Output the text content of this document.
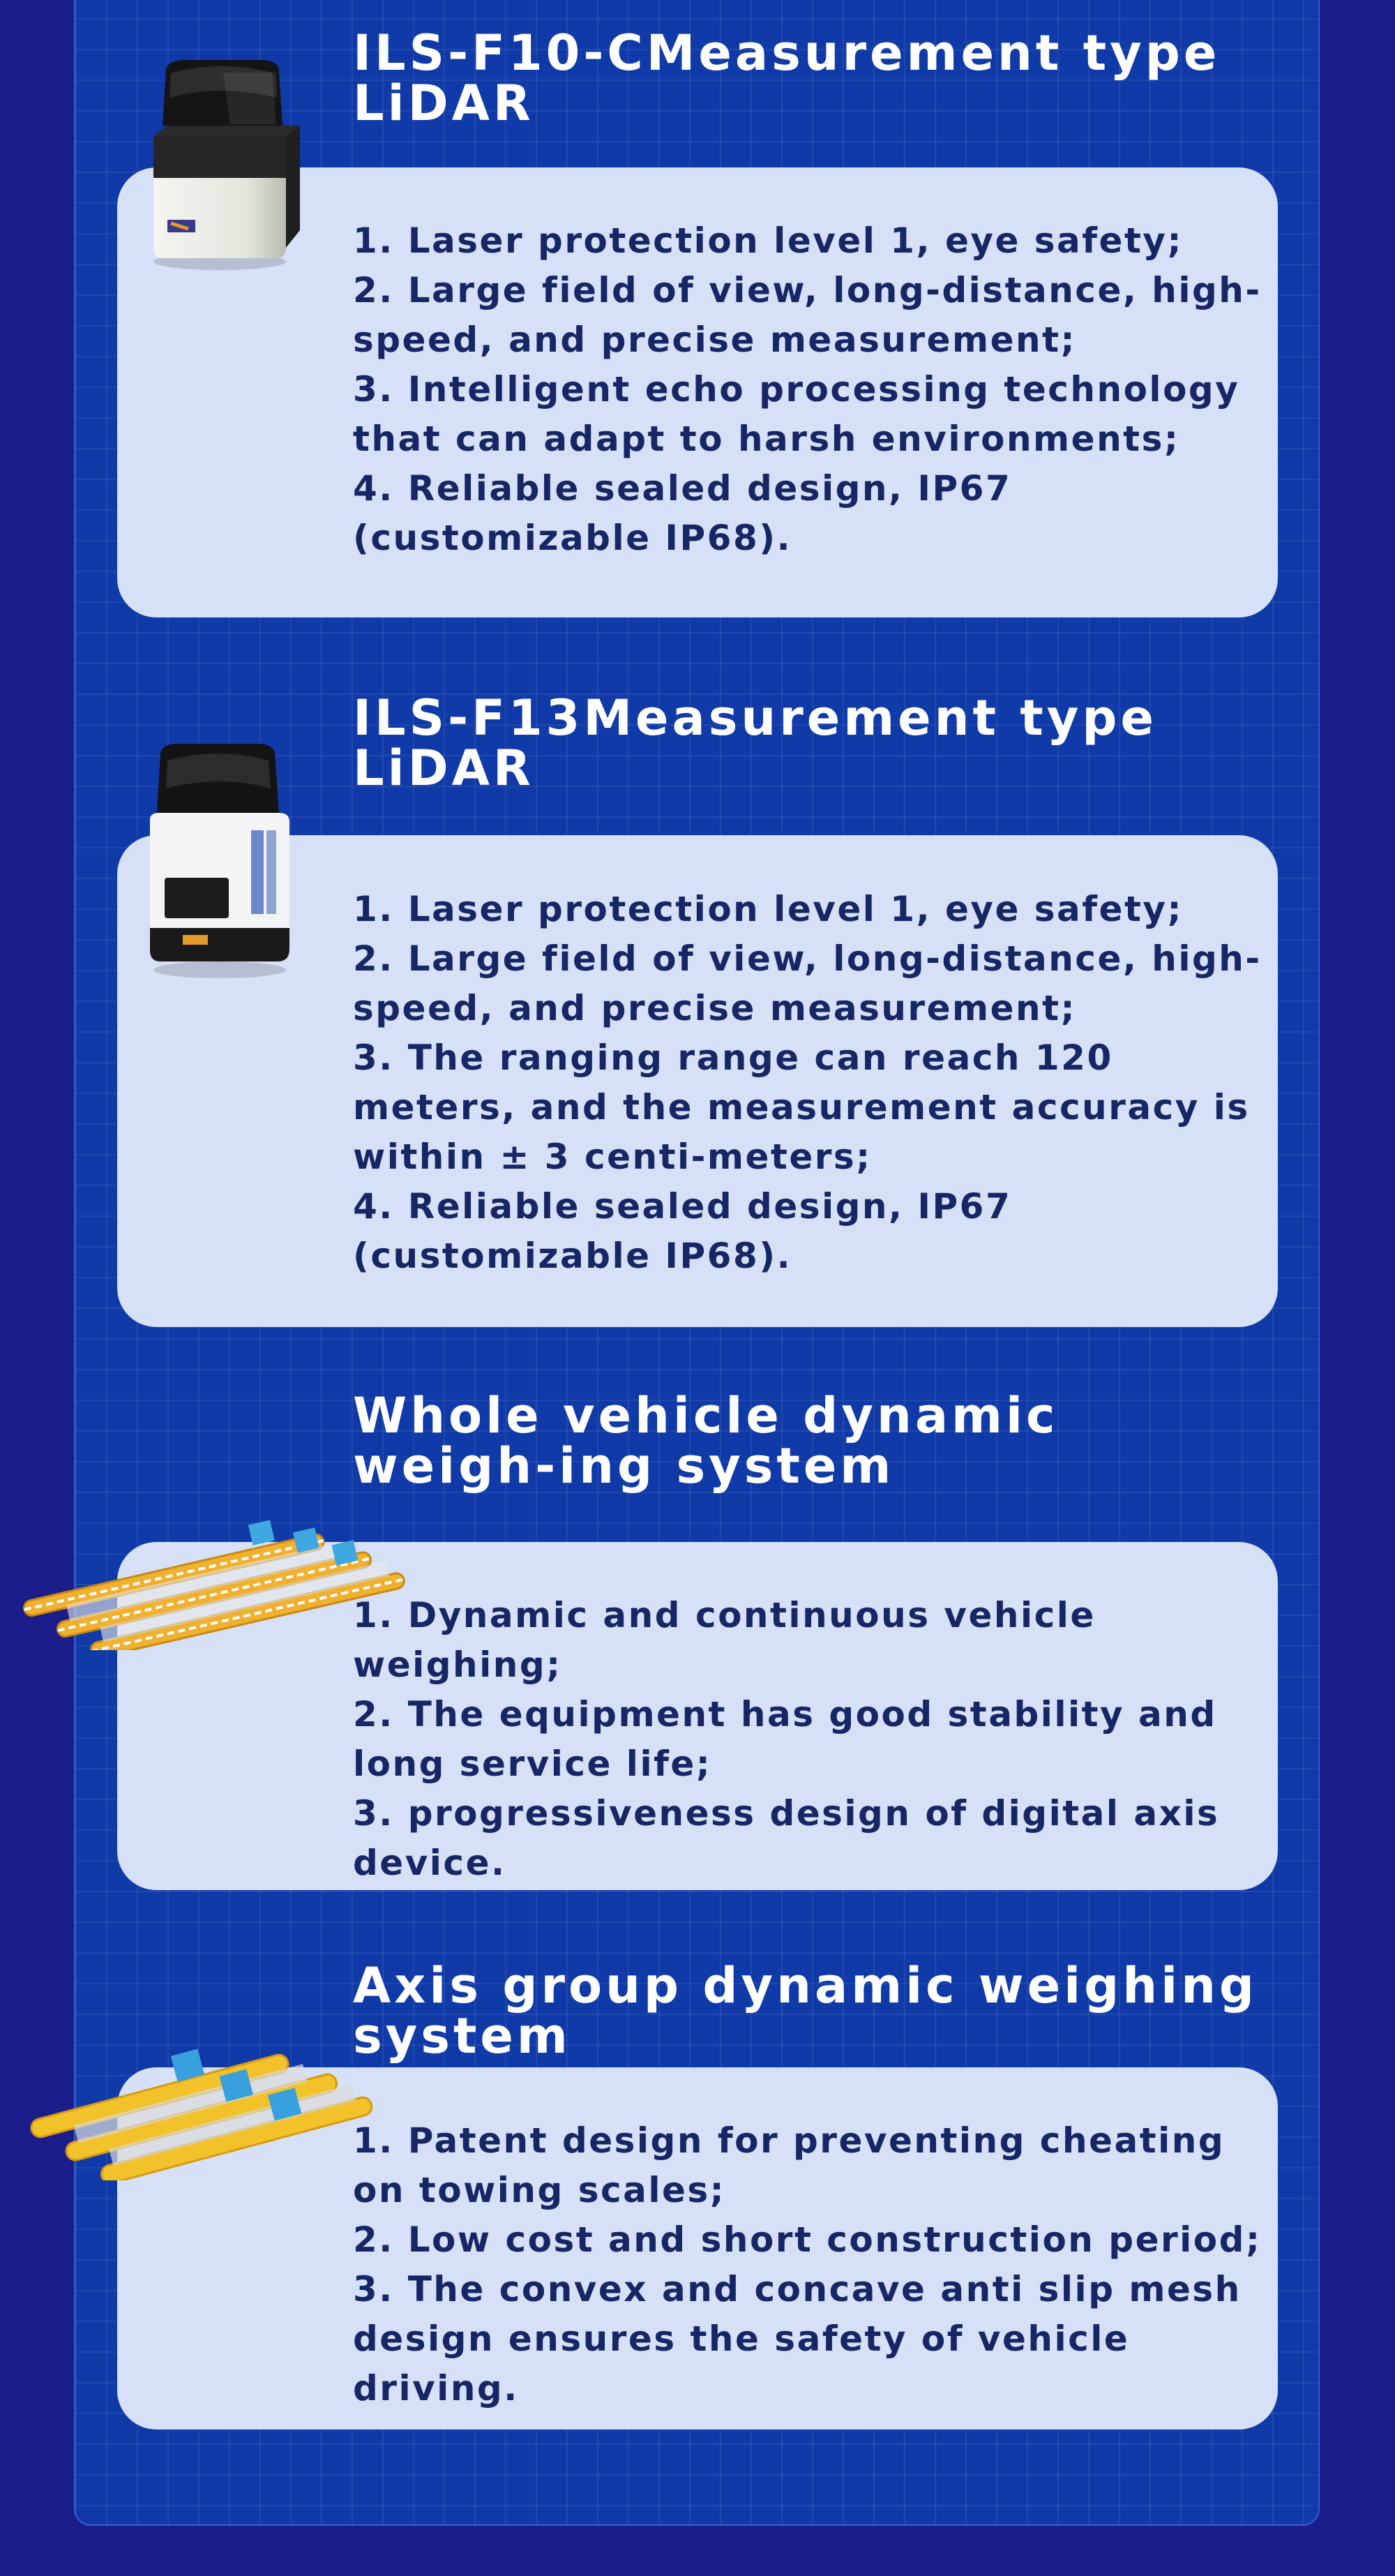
1. Laser protection level 1, eye safety;
2. Large field of view, long-distance, high-speed, and precise measurement;
3. Intelligent echo processing technology that can adapt to harsh environments;
4. Reliable sealed design, IP67 (customizable IP68).
ILS-F10-CMeasurement type LiDAR
1. Laser protection level 1, eye safety;
2. Large field of view, long-distance, high-speed, and precise measurement;
3. The ranging range can reach 120 meters, and the measurement accuracy is within ± 3 centi-meters;
4. Reliable sealed design, IP67 (customizable IP68).
ILS-F13Measurement type LiDAR
1. Dynamic and continuous vehicle weighing;
2. The equipment has good stability and long service life;
3. progressiveness design of digital axis device.
Whole vehicle dynamic weigh-ing system
1. Patent design for preventing cheating on towing scales;
2. Low cost and short construction period;
3. The convex and concave anti slip mesh design ensures the safety of vehicle driving.
Axis group dynamic weighing system
